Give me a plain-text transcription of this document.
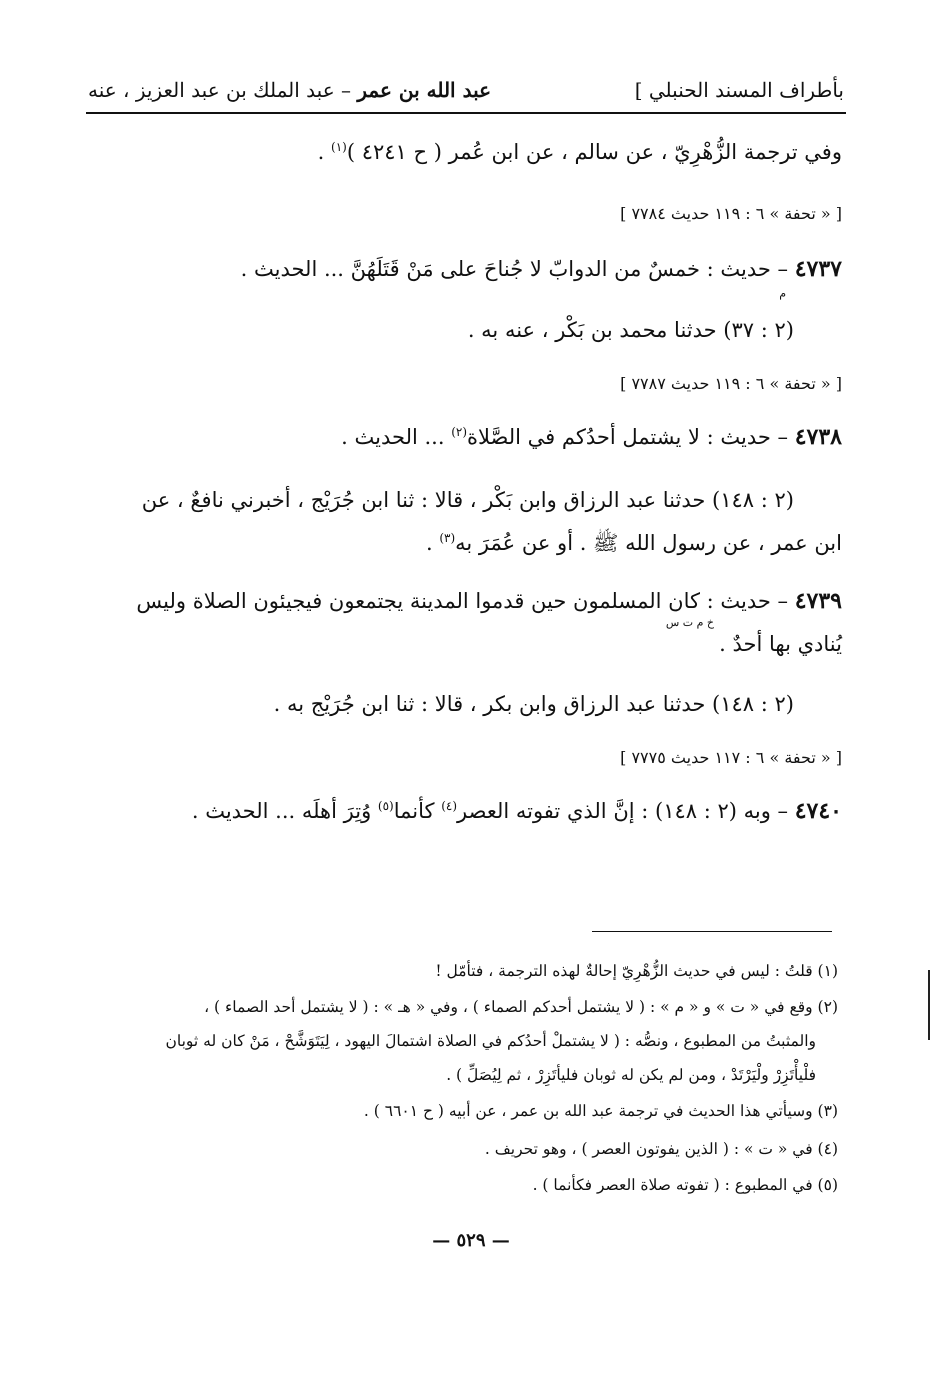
بأطراف المسند الحنبلي ]
عبد الله بن عمر – عبد الملك بن عبد العزيز ، عنه
وفي ترجمة الزُّهْرِيّ ، عن سالم ، عن ابن عُمر ( ح ٤٢٤١ )$^{(١)}$ .
[ « تحفة » ٦ : ١١٩ حديث ٧٧٨٤ ]
٤٧٣٧ – حديث : خمسٌ من الدوابّ لا جُناحَ على مَنْ قَتَلَهُنَّ ... الحديث .
م
(٢ : ٣٧) حدثنا محمد بن بَكْر ، عنه به .
[ « تحفة » ٦ : ١١٩ حديث ٧٧٨٧ ]
٤٧٣٨ – حديث : لا يشتمل أحدُكم في الصَّلاة$^{(٢)}$ ... الحديث .
(٢ : ١٤٨) حدثنا عبد الرزاق وابن بَكْر ، قالا : ثنا ابن جُرَيْج ، أخبرني نافعٌ ، عن
ابن عمر ، عن رسول الله ﷺ . أو عن عُمَرَ به$^{(٣)}$ .
٤٧٣٩ – حديث : كان المسلمون حين قدموا المدينة يجتمعون فيجيئون الصلاة وليس
خ م ت س
يُنادي بها أحدٌ .
(٢ : ١٤٨) حدثنا عبد الرزاق وابن بكر ، قالا : ثنا ابن جُرَيْج به .
[ « تحفة » ٦ : ١١٧ حديث ٧٧٧٥ ]
٤٧٤٠ – وبه (٢ : ١٤٨) : إنَّ الذي تفوته العصر$^{(٤)}$ كأنما$^{(٥)}$ وُتِرَ أهلَه ... الحديث .
(١) قلتُ : ليس في حديث الزُّهْرِيّ إحالةٌ لهذه الترجمة ، فتأمّل !
(٢) وقع في « ت » و « م » : ( لا يشتمل أحدكم الصماء ) ، وفي « هـ » : ( لا يشتمل أحد الصماء ) ،
والمثبتُ من المطبوع ، ونصُّه : ( لا يشتملْ أحدُكم في الصلاة اشتمالَ اليهود ، لِيَتَوَشَّحْ ، مَنْ كان له ثوبان
فلْيأْتَزِرْ ولْيَرْتَدْ ، ومن لم يكن له ثوبان فليأتَزِرْ ، ثم لِيُصَلِّ ) .
(٣) وسيأتي هذا الحديث في ترجمة عبد الله بن عمر ، عن أبيه ( ح ٦٦٠١ ) .
(٤) في « ت » : ( الذين يفوتون العصر ) ، وهو تحريف .
(٥) في المطبوع : ( تفوته صلاة العصر فكأنما ) .
— ٥٢٩ —
